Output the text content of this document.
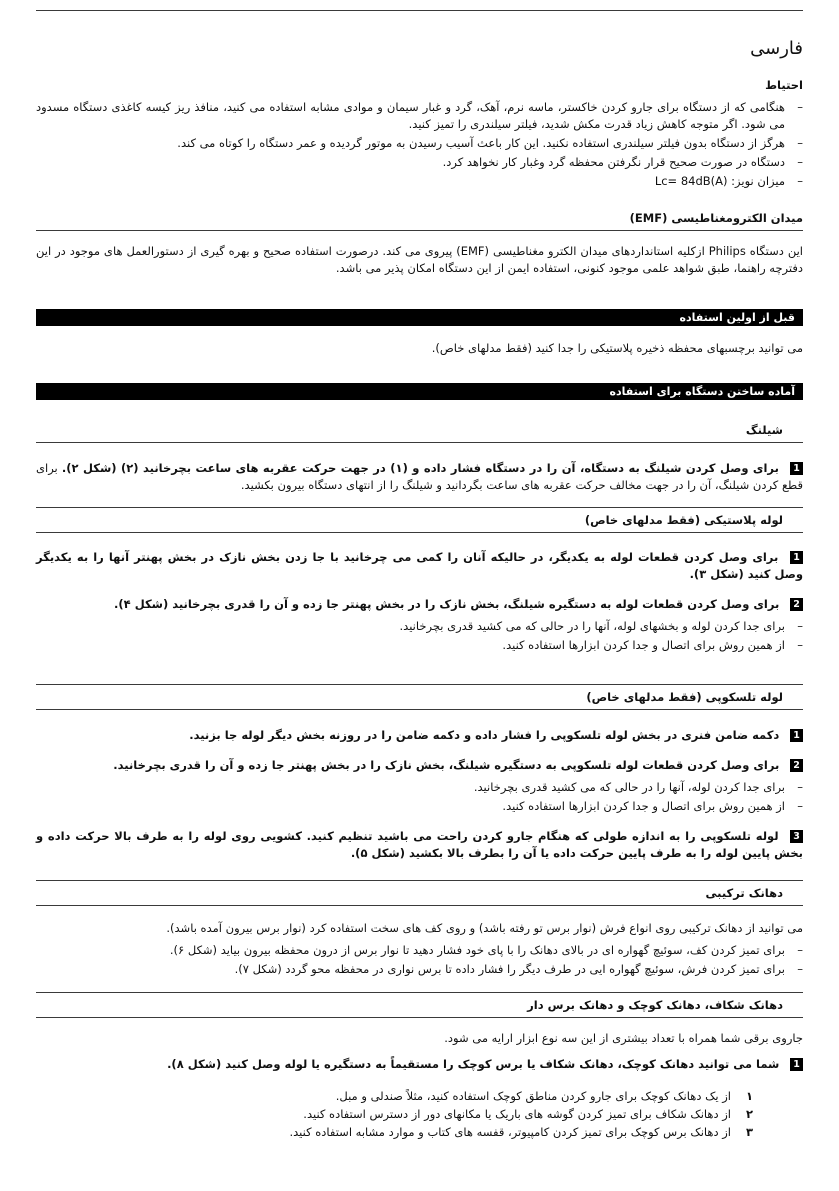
فارسى
احتياط
–

هنگامی که از دستگاه برای جارو کردن خاکستر، ماسه نرم، آهک، گرد و غبار سیمان و موادی مشابه استفاده می کنید، منافذ ریز کیسه کاغذی دستگاه مسدود می شود. اگر متوجه کاهش زیاد قدرت مکش شدید، فیلتر سیلندری را تمیز کنید.

–

هرگز از دستگاه بدون فیلتر سیلندری استفاده نکنید. این کار باعث آسیب رسیدن به موتور گردیده و عمر دستگاه را کوتاه می کند.

–

دستگاه در صورت صحیح قرار نگرفتن محفظه گرد وغبار کار نخواهد کرد.

–

میزان نویز: Lc= 84dB(A)

میدان الکترومغناطیسی (EMF)

این دستگاه Philips ازکلیه استانداردهای میدان الکترو مغناطیسی (EMF) پیروی می کند. درصورت استفاده صحیح و بهره گیری از دستورالعمل های موجود در این دفترچه راهنما، طبق شواهد علمی موجود کنونی، استفاده ایمن از این دستگاه امکان پذیر می باشد.

قبل از اولین استفاده

می توانید برچسبهای محفظه ذخیره پلاستیکی را جدا کنید (فقط مدلهای خاص).

آماده ساختن دستگاه برای استفاده
شیلنگ

1 برای وصل کردن شیلنگ به دستگاه، آن را در دستگاه فشار داده و (۱) در جهت حرکت عقربه های ساعت بچرخانید (۲) (شکل ۲). برای قطع کردن شیلنگ، آن را در جهت مخالف حرکت عقربه های ساعت بگردانید و شیلنگ را از انتهای دستگاه بیرون بکشید.

لوله پلاستیکی (فقط مدلهای خاص)

1 برای وصل کردن قطعات لوله به یکدیگر، در حالیکه آنان را کمی می چرخانید با جا زدن بخش نازک در بخش پهنتر آنها را به یکدیگر وصل کنید (شکل ۳).

2 برای وصل کردن قطعات لوله به دستگیره شیلنگ، بخش نازک را در بخش پهنتر جا زده و آن را قدری بچرخانید (شکل ۴).

–

برای جدا کردن لوله و بخشهای لوله، آنها را در حالی که می کشید قدری بچرخانید.

–

از همین روش برای اتصال و جدا کردن ابزارها استفاده کنید.

لوله تلسکوپی (فقط مدلهای خاص)

1 دکمه ضامن فنری در بخش لوله تلسکوپی را فشار داده و دکمه ضامن را در روزنه بخش دیگر لوله جا بزنید.

2 برای وصل کردن قطعات لوله تلسکوپی به دستگیره شیلنگ، بخش نازک را در بخش پهنتر جا زده و آن را قدری بچرخانید.

–

برای جدا کردن لوله، آنها را در حالی که می کشید قدری بچرخانید.

–

از همین روش برای اتصال و جدا کردن ابزارها استفاده کنید.

3 لوله تلسکوپی را به اندازه طولی که هنگام جارو کردن راحت می باشید تنظیم کنید. کشویی روی لوله را به طرف بالا حرکت داده و بخش پایین لوله را به طرف پایین حرکت داده یا آن را بطرف بالا بکشید (شکل ۵).

دهانک ترکیبی

می توانید از دهانک ترکیبی روی انواع فرش (نوار برس تو رفته باشد) و روی کف های سخت استفاده کرد (نوار برس بیرون آمده باشد).

–

برای تمیز کردن کف، سوئیچ گهواره ای در بالای دهانک را با پای خود فشار دهید تا نوار برس از درون محفظه بیرون بیاید (شکل ۶).

–

برای تمیز کردن فرش، سوئیچ گهواره ایی در طرف دیگر را فشار داده تا برس نواری در محفظه محو گردد (شکل ۷).

دهانک شکاف، دهانک کوچک و دهانک برس دار

جاروی برقی شما همراه با تعداد بیشتری از این سه نوع ابزار ارایه می شود.

1 شما می توانید دهانک کوچک، دهانک شکاف یا برس کوچک را مستقیماً به دستگیره یا لوله وصل کنید (شکل ۸).

۱

از یک دهانک کوچک برای جارو کردن مناطق کوچک استفاده کنید، مثلاً صندلی و مبل.

۲

از دهانک شکاف برای تمیز کردن گوشه های باریک یا مکانهای دور از دسترس استفاده کنید.

۳

از دهانک برس کوچک برای تمیز کردن کامپیوتر، قفسه های کتاب و موارد مشابه استفاده کنید.
